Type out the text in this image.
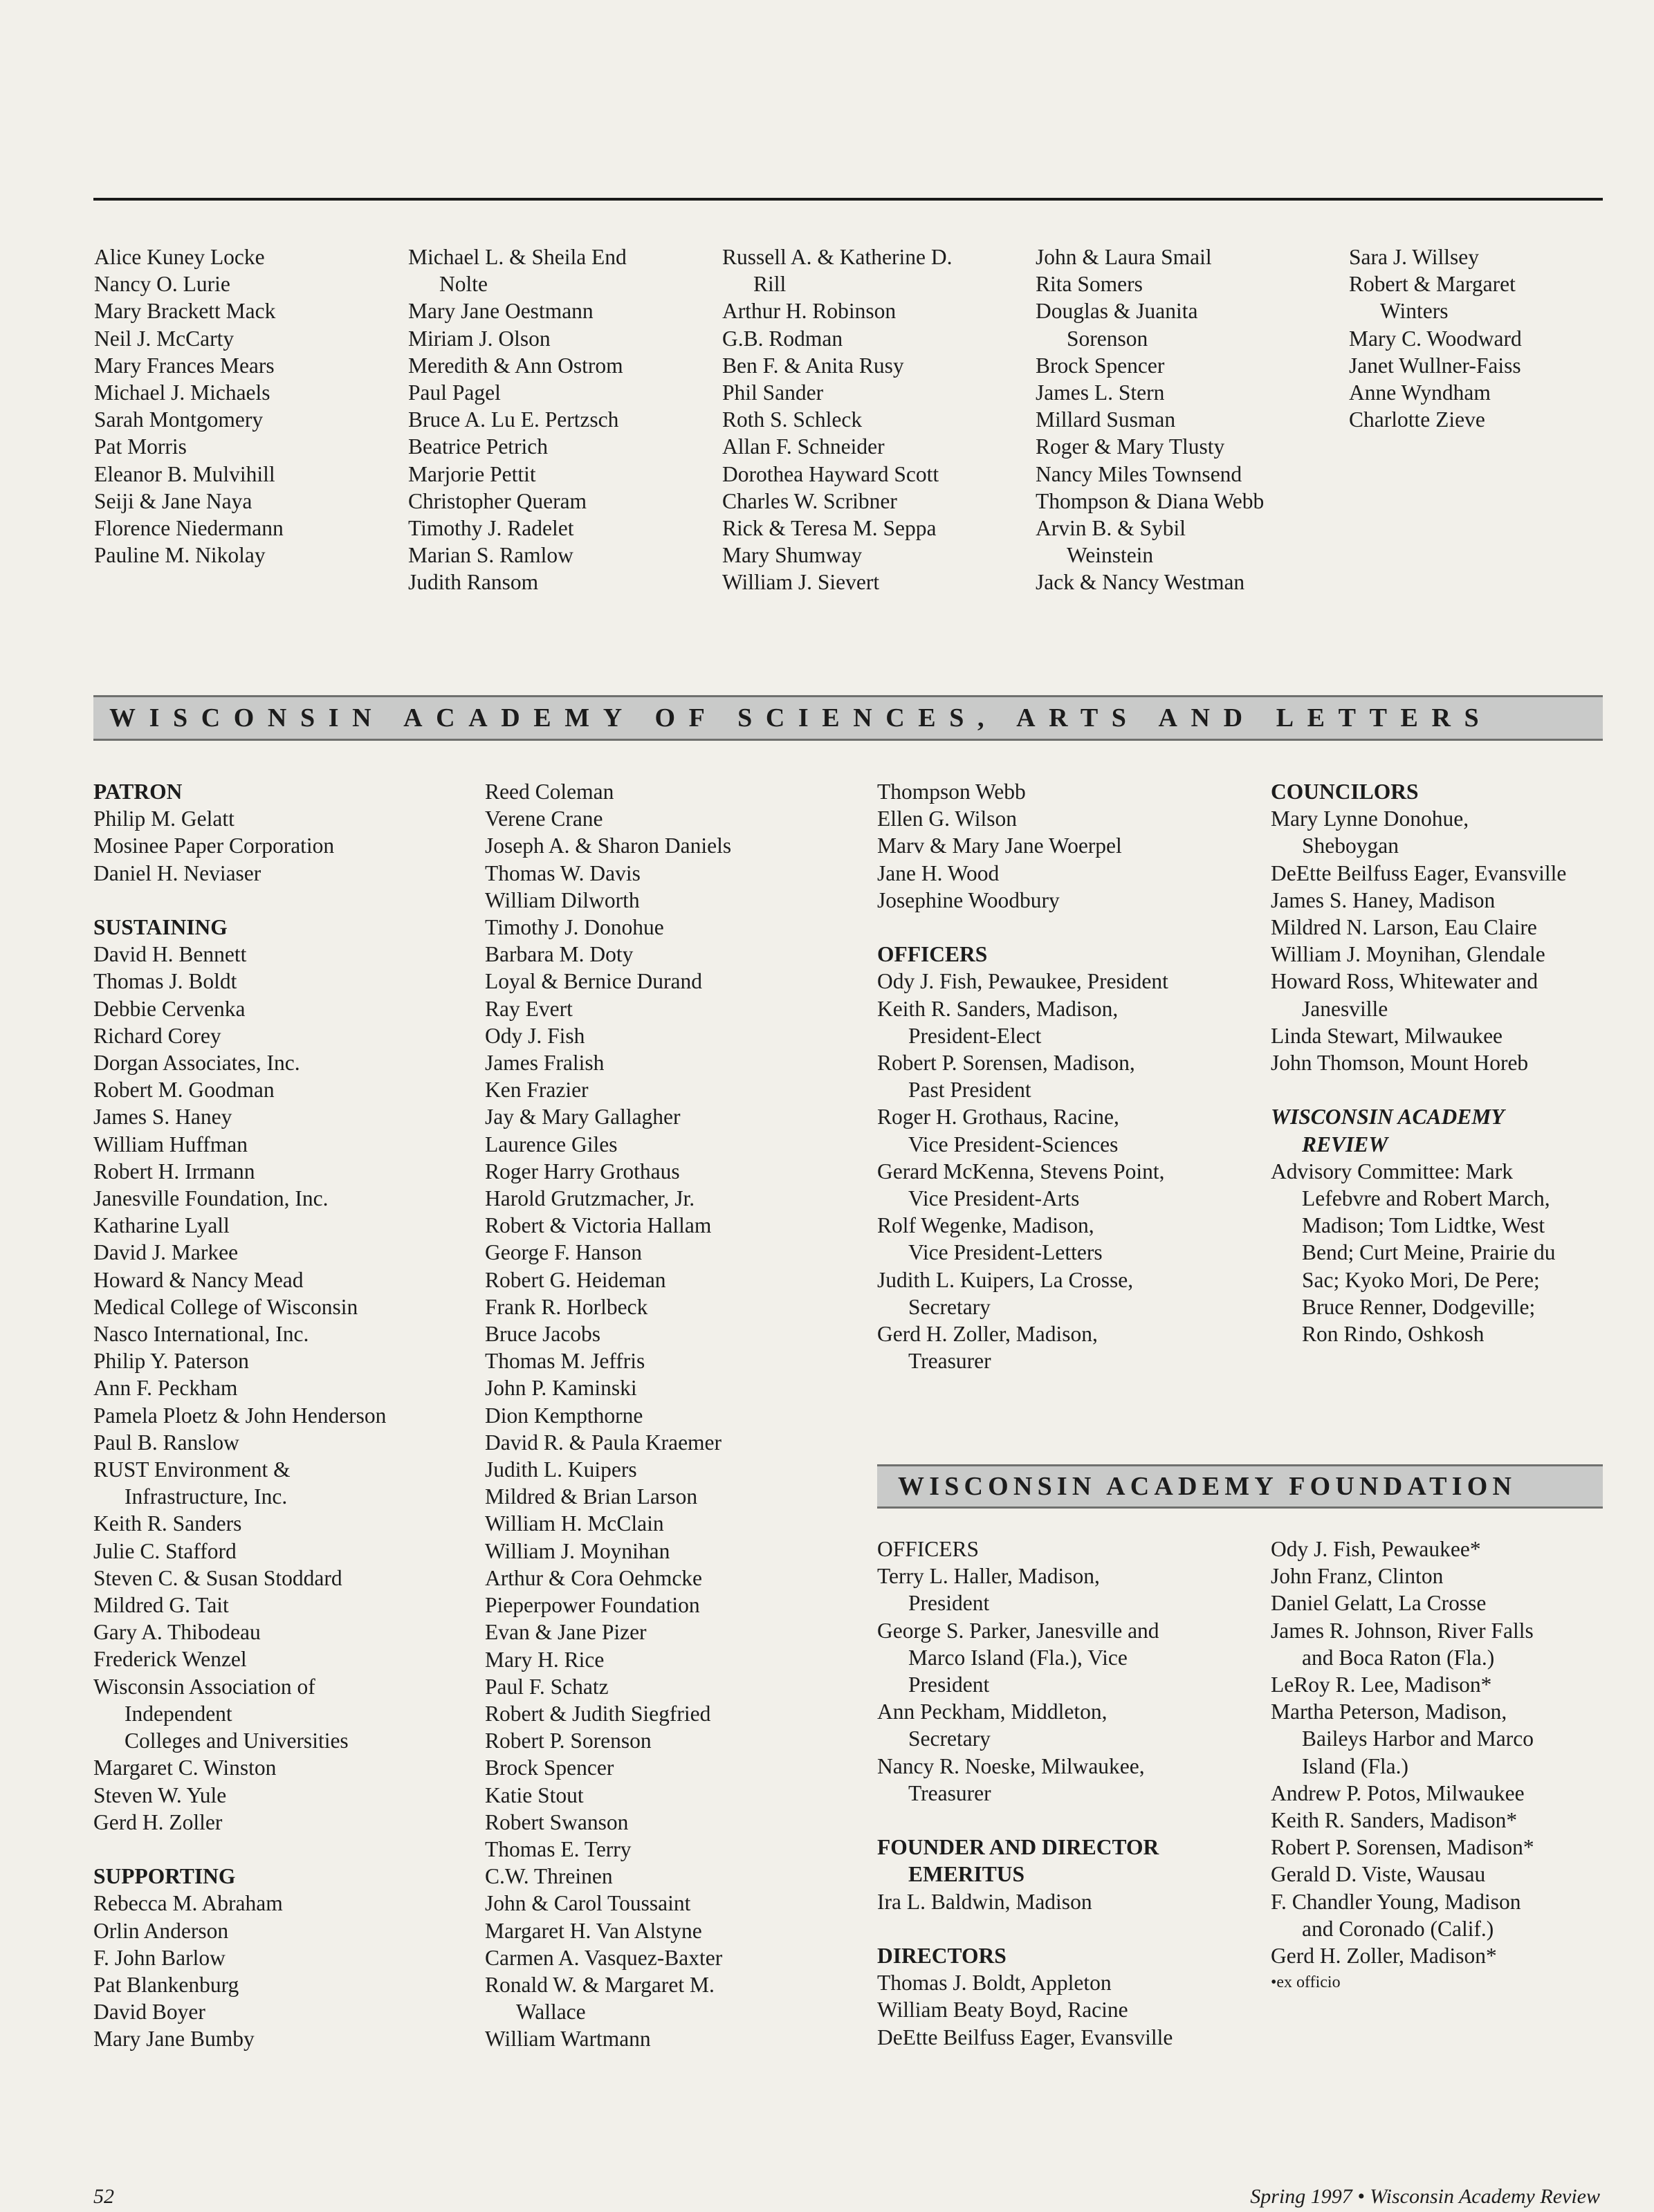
Alice Kuney Locke
Nancy O. Lurie
Mary Brackett Mack
Neil J. McCarty
Mary Frances Mears
Michael J. Michaels
Sarah Montgomery
Pat Morris
Eleanor B. Mulvihill
Seiji & Jane Naya
Florence Niedermann
Pauline M. Nikolay
Michael L. & Sheila End
Nolte
Mary Jane Oestmann
Miriam J. Olson
Meredith & Ann Ostrom
Paul Pagel
Bruce A. Lu E. Pertzsch
Beatrice Petrich
Marjorie Pettit
Christopher Queram
Timothy J. Radelet
Marian S. Ramlow
Judith Ransom
Russell A. & Katherine D.
Rill
Arthur H. Robinson
G.B. Rodman
Ben F. & Anita Rusy
Phil Sander
Roth S. Schleck
Allan F. Schneider
Dorothea Hayward Scott
Charles W. Scribner
Rick & Teresa M. Seppa
Mary Shumway
William J. Sievert
John & Laura Smail
Rita Somers
Douglas & Juanita
Sorenson
Brock Spencer
James L. Stern
Millard Susman
Roger & Mary Tlusty
Nancy Miles Townsend
Thompson & Diana Webb
Arvin B. & Sybil
Weinstein
Jack & Nancy Westman
Sara J. Willsey
Robert & Margaret
Winters
Mary C. Woodward
Janet Wullner-Faiss
Anne Wyndham
Charlotte Zieve
WISCONSIN ACADEMY OF SCIENCES, ARTS AND LETTERS
PATRON
Philip M. Gelatt
Mosinee Paper Corporation
Daniel H. Neviaser
SUSTAINING
David H. Bennett
Thomas J. Boldt
Debbie Cervenka
Richard Corey
Dorgan Associates, Inc.
Robert M. Goodman
James S. Haney
William Huffman
Robert H. Irrmann
Janesville Foundation, Inc.
Katharine Lyall
David J. Markee
Howard & Nancy Mead
Medical College of Wisconsin
Nasco International, Inc.
Philip Y. Paterson
Ann F. Peckham
Pamela Ploetz & John Henderson
Paul B. Ranslow
RUST Environment &
Infrastructure, Inc.
Keith R. Sanders
Julie C. Stafford
Steven C. & Susan Stoddard
Mildred G. Tait
Gary A. Thibodeau
Frederick Wenzel
Wisconsin Association of
Independent
Colleges and Universities
Margaret C. Winston
Steven W. Yule
Gerd H. Zoller
SUPPORTING
Rebecca M. Abraham
Orlin Anderson
F. John Barlow
Pat Blankenburg
David Boyer
Mary Jane Bumby
Reed Coleman
Verene Crane
Joseph A. & Sharon Daniels
Thomas W. Davis
William Dilworth
Timothy J. Donohue
Barbara M. Doty
Loyal & Bernice Durand
Ray Evert
Ody J. Fish
James Fralish
Ken Frazier
Jay & Mary Gallagher
Laurence Giles
Roger Harry Grothaus
Harold Grutzmacher, Jr.
Robert & Victoria Hallam
George F. Hanson
Robert G. Heideman
Frank R. Horlbeck
Bruce Jacobs
Thomas M. Jeffris
John P. Kaminski
Dion Kempthorne
David R. & Paula Kraemer
Judith L. Kuipers
Mildred & Brian Larson
William H. McClain
William J. Moynihan
Arthur & Cora Oehmcke
Pieperpower Foundation
Evan & Jane Pizer
Mary H. Rice
Paul F. Schatz
Robert & Judith Siegfried
Robert P. Sorenson
Brock Spencer
Katie Stout
Robert Swanson
Thomas E. Terry
C.W. Threinen
John & Carol Toussaint
Margaret H. Van Alstyne
Carmen A. Vasquez-Baxter
Ronald W. & Margaret M.
Wallace
William Wartmann
Thompson Webb
Ellen G. Wilson
Marv & Mary Jane Woerpel
Jane H. Wood
Josephine Woodbury
OFFICERS
Ody J. Fish, Pewaukee, President
Keith R. Sanders, Madison,
President-Elect
Robert P. Sorensen, Madison,
Past President
Roger H. Grothaus, Racine,
Vice President-Sciences
Gerard McKenna, Stevens Point,
Vice President-Arts
Rolf Wegenke, Madison,
Vice President-Letters
Judith L. Kuipers, La Crosse,
Secretary
Gerd H. Zoller, Madison,
Treasurer
COUNCILORS
Mary Lynne Donohue,
Sheboygan
DeEtte Beilfuss Eager, Evansville
James S. Haney, Madison
Mildred N. Larson, Eau Claire
William J. Moynihan, Glendale
Howard Ross, Whitewater and
Janesville
Linda Stewart, Milwaukee
John Thomson, Mount Horeb
WISCONSIN ACADEMY
REVIEW
Advisory Committee: Mark
Lefebvre and Robert March,
Madison; Tom Lidtke, West
Bend; Curt Meine, Prairie du
Sac; Kyoko Mori, De Pere;
Bruce Renner, Dodgeville;
Ron Rindo, Oshkosh
WISCONSIN ACADEMY FOUNDATION
OFFICERS
Terry L. Haller, Madison,
President
George S. Parker, Janesville and
Marco Island (Fla.), Vice
President
Ann Peckham, Middleton,
Secretary
Nancy R. Noeske, Milwaukee,
Treasurer
FOUNDER AND DIRECTOR
EMERITUS
Ira L. Baldwin, Madison
DIRECTORS
Thomas J. Boldt, Appleton
William Beaty Boyd, Racine
DeEtte Beilfuss Eager, Evansville
Ody J. Fish, Pewaukee*
John Franz, Clinton
Daniel Gelatt, La Crosse
James R. Johnson, River Falls
and Boca Raton (Fla.)
LeRoy R. Lee, Madison*
Martha Peterson, Madison,
Baileys Harbor and Marco
Island (Fla.)
Andrew P. Potos, Milwaukee
Keith R. Sanders, Madison*
Robert P. Sorensen, Madison*
Gerald D. Viste, Wausau
F. Chandler Young, Madison
and Coronado (Calif.)
Gerd H. Zoller, Madison*
•ex officio
52	Spring 1997 • Wisconsin Academy Review
